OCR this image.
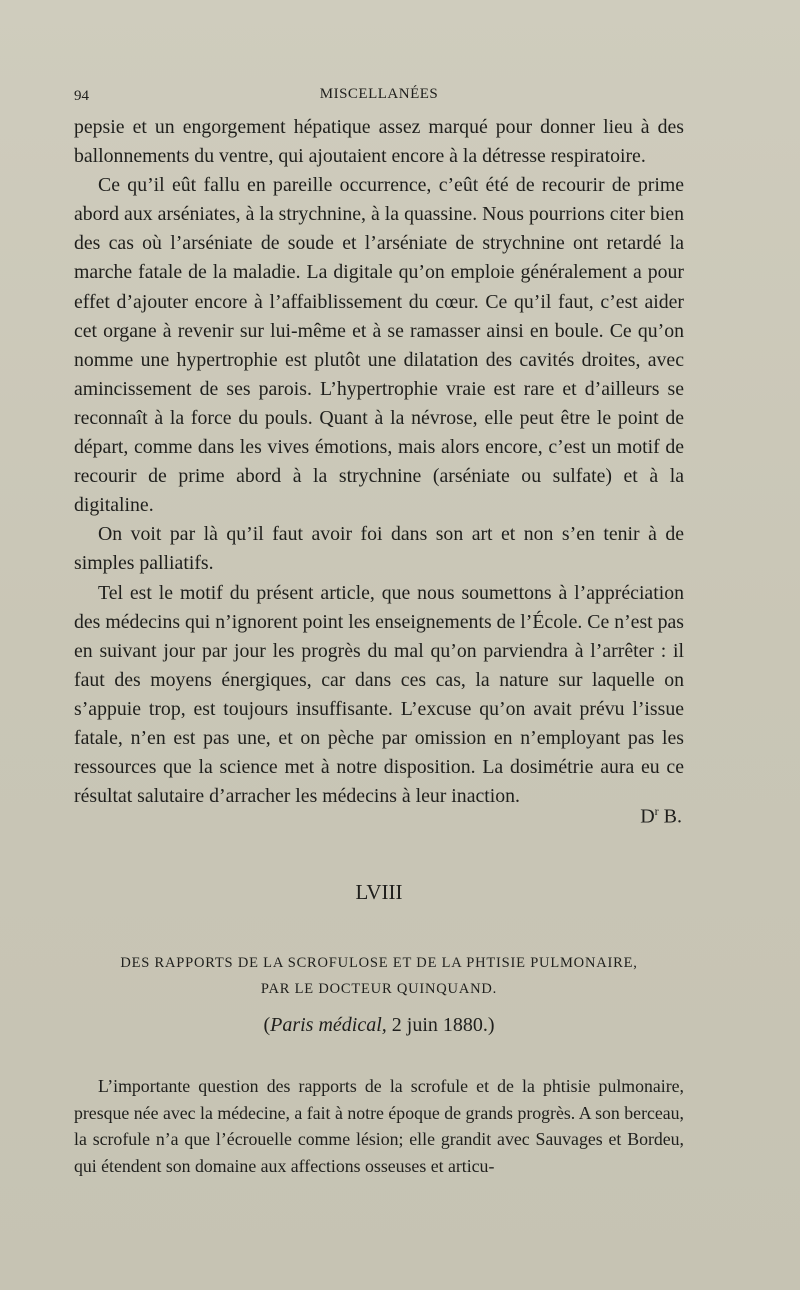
94	MISCELLANÉES

pepsie et un engorgement hépatique assez marqué pour donner lieu à des ballonnements du ventre, qui ajoutaient encore à la détresse respiratoire.

Ce qu’il eût fallu en pareille occurrence, c’eût été de recourir de prime abord aux arséniates, à la strychnine, à la quassine. Nous pourrions citer bien des cas où l’arséniate de soude et l’arséniate de strychnine ont retardé la marche fatale de la maladie. La digitale qu’on emploie généralement a pour effet d’ajouter encore à l’affaiblissement du cœur. Ce qu’il faut, c’est aider cet organe à revenir sur lui-même et à se ramasser ainsi en boule. Ce qu’on nomme une hypertrophie est plutôt une dilatation des cavités droites, avec amincissement de ses parois. L’hypertrophie vraie est rare et d’ailleurs se reconnaît à la force du pouls. Quant à la névrose, elle peut être le point de départ, comme dans les vives émotions, mais alors encore, c’est un motif de recourir de prime abord à la strychnine (arséniate ou sulfate) et à la digitaline.

On voit par là qu’il faut avoir foi dans son art et non s’en tenir à de simples palliatifs.

Tel est le motif du présent article, que nous soumettons à l’appréciation des médecins qui n’ignorent point les enseignements de l’École. Ce n’est pas en suivant jour par jour les progrès du mal qu’on parviendra à l’arrêter : il faut des moyens énergiques, car dans ces cas, la nature sur laquelle on s’appuie trop, est toujours insuffisante. L’excuse qu’on avait prévu l’issue fatale, n’en est pas une, et on pèche par omission en n’employant pas les ressources que la science met à notre disposition. La dosimétrie aura eu ce résultat salutaire d’arracher les médecins à leur inaction.

$D^r$ B.
LVIII
DES RAPPORTS DE LA SCROFULOSE ET DE LA PHTISIE PULMONAIRE,
PAR LE DOCTEUR QUINQUAND.
(Paris médical, 2 juin 1880.)

L’importante question des rapports de la scrofule et de la phtisie pulmonaire, presque née avec la médecine, a fait à notre époque de grands progrès. A son berceau, la scrofule n’a que l’écrouelle comme lésion; elle grandit avec Sauvages et Bordeu, qui étendent son domaine aux affections osseuses et articu-
